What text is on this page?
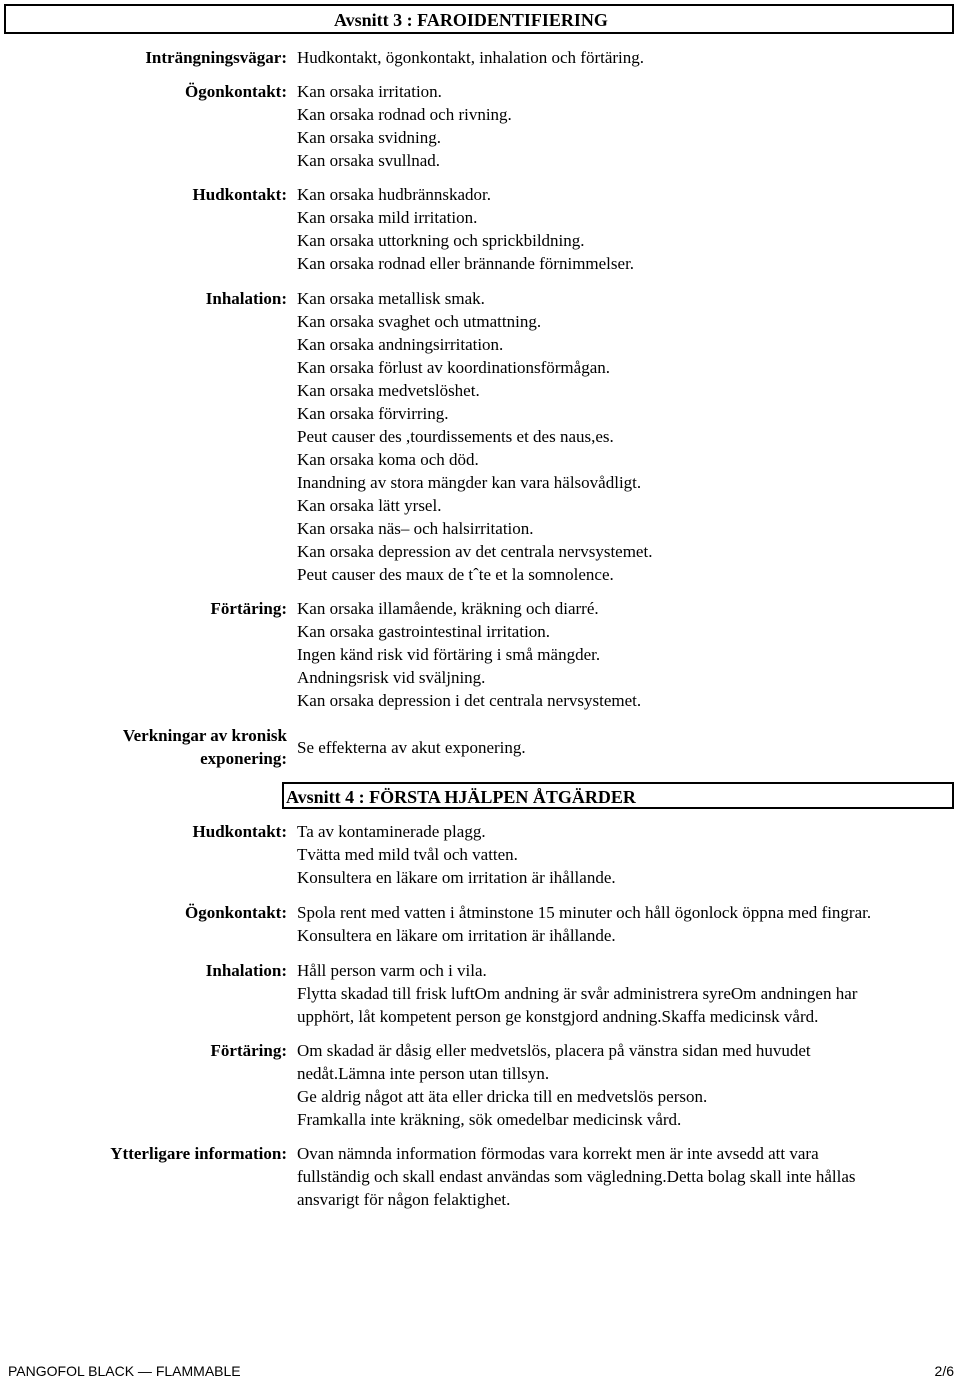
Avsnitt 3 : FAROIDENTIFIERING
Inträngningsvägar: Hudkontakt, ögonkontakt, inhalation och förtäring.
Ögonkontakt: Kan orsaka irritation.
Kan orsaka rodnad och rivning.
Kan orsaka svidning.
Kan orsaka svullnad.
Hudkontakt: Kan orsaka hudbrännskador.
Kan orsaka mild irritation.
Kan orsaka uttorkning och sprickbildning.
Kan orsaka rodnad eller brännande förnimmelser.
Inhalation: Kan orsaka metallisk smak.
Kan orsaka svaghet och utmattning.
Kan orsaka andningsirritation.
Kan orsaka förlust av koordinationsförmågan.
Kan orsaka medvetslöshet.
Kan orsaka förvirring.
Peut causer des ,tourdissements et des naus,es.
Kan orsaka koma och död.
Inandning av stora mängder kan vara hälsovådligt.
Kan orsaka lätt yrsel.
Kan orsaka näs– och halsirritation.
Kan orsaka depression av det centrala nervsystemet.
Peut causer des maux de tˆte et la somnolence.
Förtäring: Kan orsaka illamående, kräkning och diarré.
Kan orsaka gastrointestinal irritation.
Ingen känd risk vid förtäring i små mängder.
Andningsrisk vid sväljning.
Kan orsaka depression i det centrala nervsystemet.
Verkningar av kronisk
exponering:
Se effekterna av akut exponering.
Avsnitt 4 : FÖRSTA HJÄLPEN ÅTGÄRDER
Hudkontakt: Ta av kontaminerade plagg.
Tvätta med mild tvål och vatten.
Konsultera en läkare om irritation är ihållande.
Ögonkontakt: Spola rent med vatten i åtminstone 15 minuter och håll ögonlock öppna med fingrar.
Konsultera en läkare om irritation är ihållande.
Inhalation: Håll person varm och i vila.
Flytta skadad till frisk luftOm andning är svår administrera syreOm andningen har
upphört, låt kompetent person ge konstgjord andning.Skaffa medicinsk vård.
Förtäring: Om skadad är dåsig eller medvetslös, placera på vänstra sidan med huvudet
nedåt.Lämna inte person utan tillsyn.
Ge aldrig något att äta eller dricka till en medvetslös person.
Framkalla inte kräkning, sök omedelbar medicinsk vård.
Ytterligare information: Ovan nämnda information förmodas vara korrekt men är inte avsedd att vara
fullständig och skall endast användas som vägledning.Detta bolag skall inte hållas
ansvarigt för någon felaktighet.
PANGOFOL BLACK — FLAMMABLE	2/6
